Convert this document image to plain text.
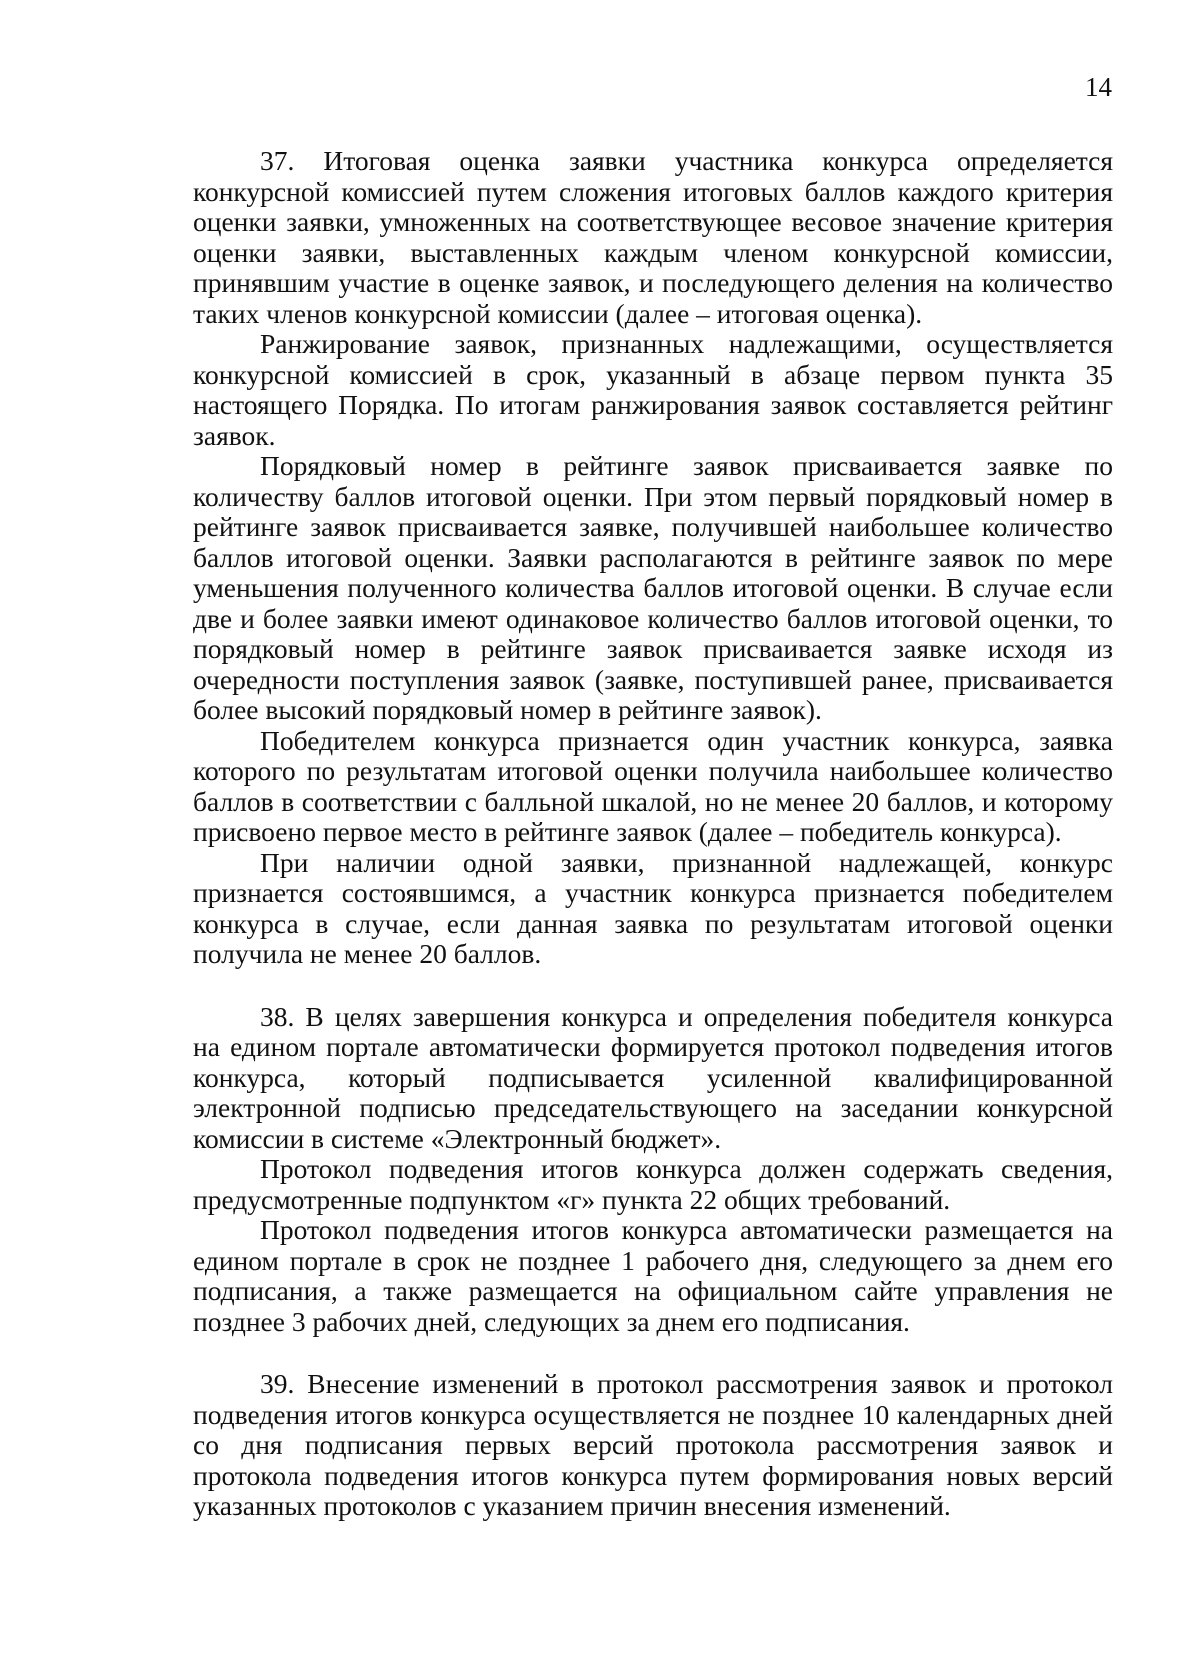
14

37. Итоговая оценка заявки участника конкурса определяется конкурсной комиссией путем сложения итоговых баллов каждого критерия оценки заявки, умноженных на соответствующее весовое значение критерия оценки заявки, выставленных каждым членом конкурсной комиссии, принявшим участие в оценке заявок, и последующего деления на количество таких членов конкурсной комиссии (далее – итоговая оценка).

Ранжирование заявок, признанных надлежащими, осуществляется конкурсной комиссией в срок, указанный в абзаце первом пункта 35 настоящего Порядка. По итогам ранжирования заявок составляется рейтинг заявок.

Порядковый номер в рейтинге заявок присваивается заявке по количеству баллов итоговой оценки. При этом первый порядковый номер в рейтинге заявок присваивается заявке, получившей наибольшее количество баллов итоговой оценки. Заявки располагаются в рейтинге заявок по мере уменьшения полученного количества баллов итоговой оценки. В случае если две и более заявки имеют одинаковое количество баллов итоговой оценки, то порядковый номер в рейтинге заявок присваивается заявке исходя из очередности поступления заявок (заявке, поступившей ранее, присваивается более высокий порядковый номер в рейтинге заявок).

Победителем конкурса признается один участник конкурса, заявка которого по результатам итоговой оценки получила наибольшее количество баллов в соответствии с балльной шкалой, но не менее 20 баллов, и которому присвоено первое место в рейтинге заявок (далее – победитель конкурса).

При наличии одной заявки, признанной надлежащей, конкурс признается состоявшимся, а участник конкурса признается победителем конкурса в случае, если данная заявка по результатам итоговой оценки получила не менее 20 баллов.

38. В целях завершения конкурса и определения победителя конкурса на едином портале автоматически формируется протокол подведения итогов конкурса, который подписывается усиленной квалифицированной электронной подписью председательствующего на заседании конкурсной комиссии в системе «Электронный бюджет».

Протокол подведения итогов конкурса должен содержать сведения, предусмотренные подпунктом «г» пункта 22 общих требований.

Протокол подведения итогов конкурса автоматически размещается на едином портале в срок не позднее 1 рабочего дня, следующего за днем его подписания, а также размещается на официальном сайте управления не позднее 3 рабочих дней, следующих за днем его подписания.

39. Внесение изменений в протокол рассмотрения заявок и протокол подведения итогов конкурса осуществляется не позднее 10 календарных дней со дня подписания первых версий протокола рассмотрения заявок и протокола подведения итогов конкурса путем формирования новых версий указанных протоколов с указанием причин внесения изменений.
